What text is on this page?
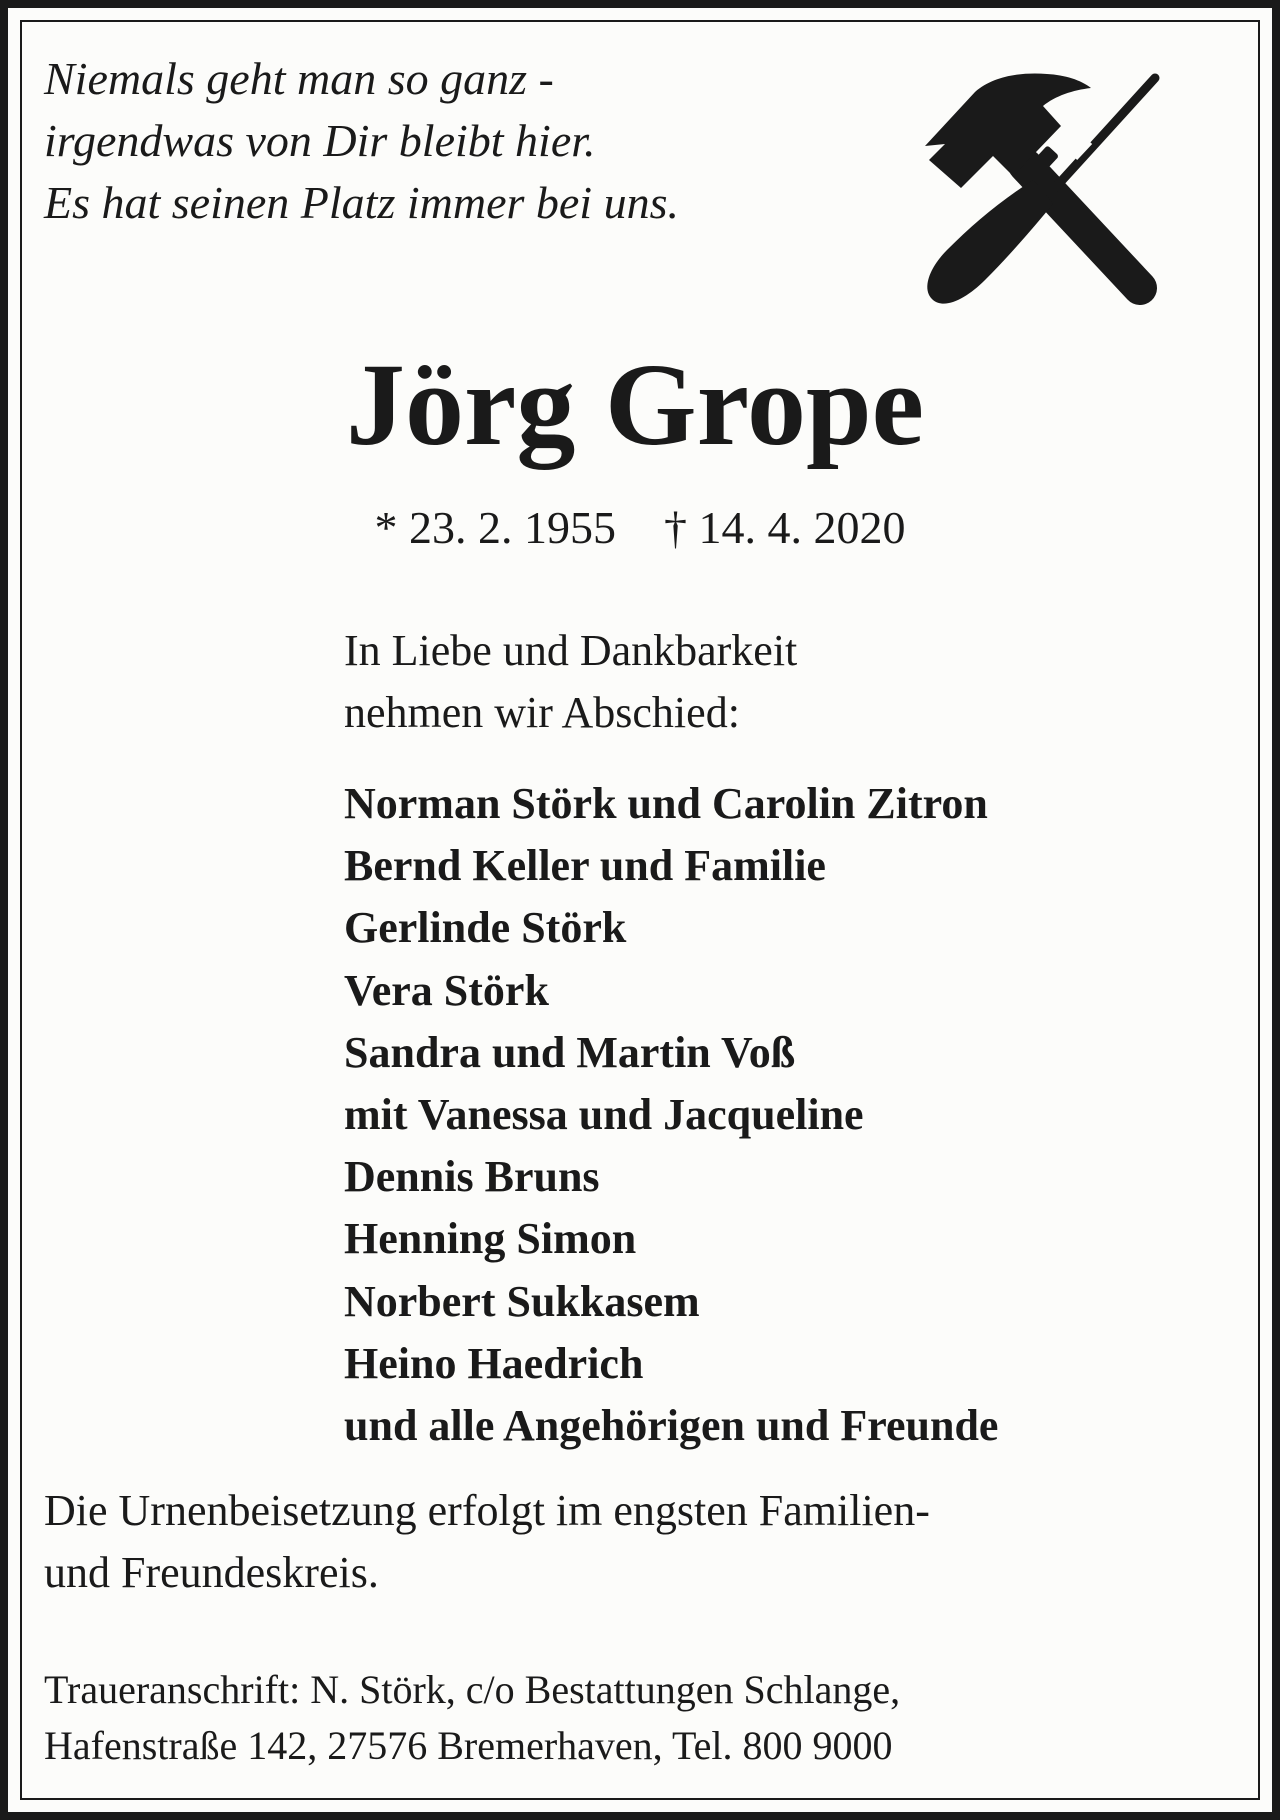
Niemals geht man so ganz -
irgendwas von Dir bleibt hier.
Es hat seinen Platz immer bei uns.

Jörg Grope
* 23. 2. 1955 † 14. 4. 2020

In Liebe und Dankbarkeit
nehmen wir Abschied:

Norman Störk und Carolin Zitron
Bernd Keller und Familie
Gerlinde Störk
Vera Störk
Sandra und Martin Voß
mit Vanessa und Jacqueline
Dennis Bruns
Henning Simon
Norbert Sukkasem
Heino Haedrich
und alle Angehörigen und Freunde

Die Urnenbeisetzung erfolgt im engsten Familien-
und Freundeskreis.

Traueranschrift: N. Störk, c/o Bestattungen Schlange,
Hafenstraße 142, 27576 Bremerhaven, Tel. 800 9000
